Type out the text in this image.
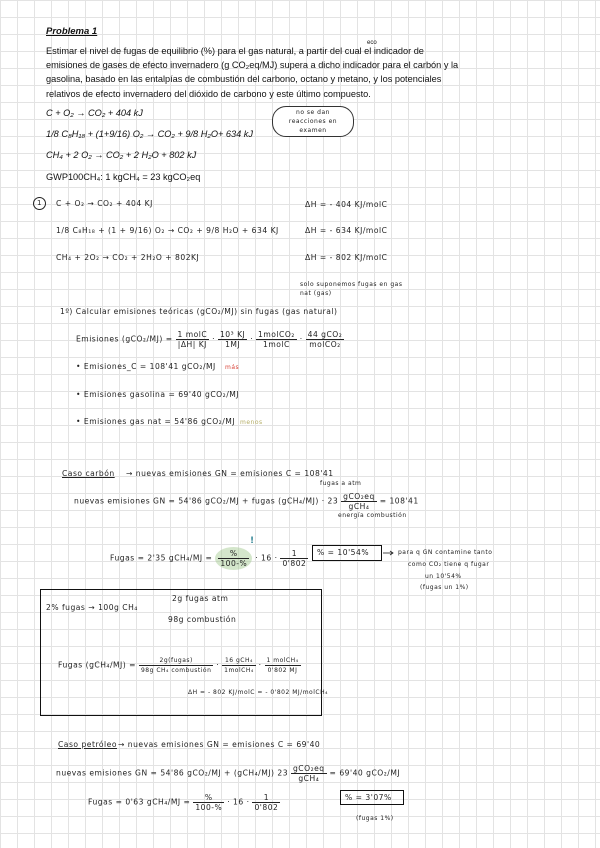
Problema 1
eco
Estimar el nivel de fugas de equilibrio (%) para el gas natural, a partir del cual el indicador de emisiones de gases de efecto invernadero (g CO₂eq/MJ) supera a dicho indicador para el carbón y la gasolina, basado en las entalpías de combustión del carbono, octano y metano, y los potenciales relativos de efecto invernadero del dióxido de carbono y este último compuesto.
C + O₂ → CO₂ + 404 kJ
1/8 C₈H₁₈ + (1+9/16) O₂ → CO₂ + 9/8 H₂O+ 634 kJ
CH₄ + 2 O₂ → CO₂ + 2 H₂O + 802 kJ
GWP100CH₄: 1 kgCH₄ = 23 kgCO₂eq
no se dan reacciones en examen
1	C + O₂ → CO₂ + 404 KJ	ΔH = - 404 KJ/molC
1/8 C₈H₁₈ + (1 + 9/16) O₂ → CO₂ + 9/8 H₂O + 634 KJ	ΔH = - 634 KJ/molC
CH₄ + 2O₂ → CO₂ + 2H₂O + 802KJ	ΔH = - 802 KJ/molC
solo suponemos fugas en gas nat (gas)
1º) Calcular emisiones teóricas (gCO₂/MJ) sin fugas (gas natural)
Emisiones $(gCO_2/MJ) = \frac{\text{1 molC}}{|\Delta H| KJ} \cdot \frac{\text{10³ KJ}}{1MJ} \cdot \frac{\text{1molCO₂}}{\text{1molC}} \cdot \frac{\text{44 gCO₂}}{\text{molCO₂}}$
• Emisiones_C = 108'41 gCO₂/MJ más
• Emisiones gasolina = 69'40 gCO₂/MJ
• Emisiones gas nat = 54'86 gCO₂/MJ menos
Caso carbón → nuevas emisiones GN = emisiones C = 108'41
fugas a atm
nuevas emisiones GN = 54'86 gCO₂/MJ + fugas $(gCH_4/MJ) \cdot 23 \frac{\text{gCO₂eq}}{\text{gCH₄}} = 108'41$
energía combustión
!
Fugas = 2'35 $gCH_4/MJ = \frac{\%}{100-\%} \cdot 16 \cdot \frac{1}{0'802}$ % = 10'54%	para q GN contamine tanto
como CO₂ tiene q fugar
un 10'54%
(fugas un 1%)
2% fugas → 100g CH₄
2g fugas atm
98g combustión
Fugas $(gCH_4/MJ) = \frac{\text{2g(fugas)}}{\text{98g CH₄ combustión}} \cdot \frac{\text{16 gCH₄}}{\text{1molCH₄}} \cdot \frac{\text{1 molCH₄}}{0'802 MJ}$
ΔH = - 802 KJ/molC = - 0'802 MJ/molCH₄
Caso petróleo → nuevas emisiones GN = emisiones C = 69'40
nuevas emisiones GN = 54'86 gCO₂/MJ + (gCH₄/MJ) $23 \frac{\text{gCO₂eq}}{\text{gCH₄}} = 69'40$ gCO₂/MJ
Fugas = 0'63 $gCH_4/MJ = \frac{\%}{100-\%} \cdot 16 \cdot \frac{1}{0'802}$	% = 3'07%
(fugas 1%)
